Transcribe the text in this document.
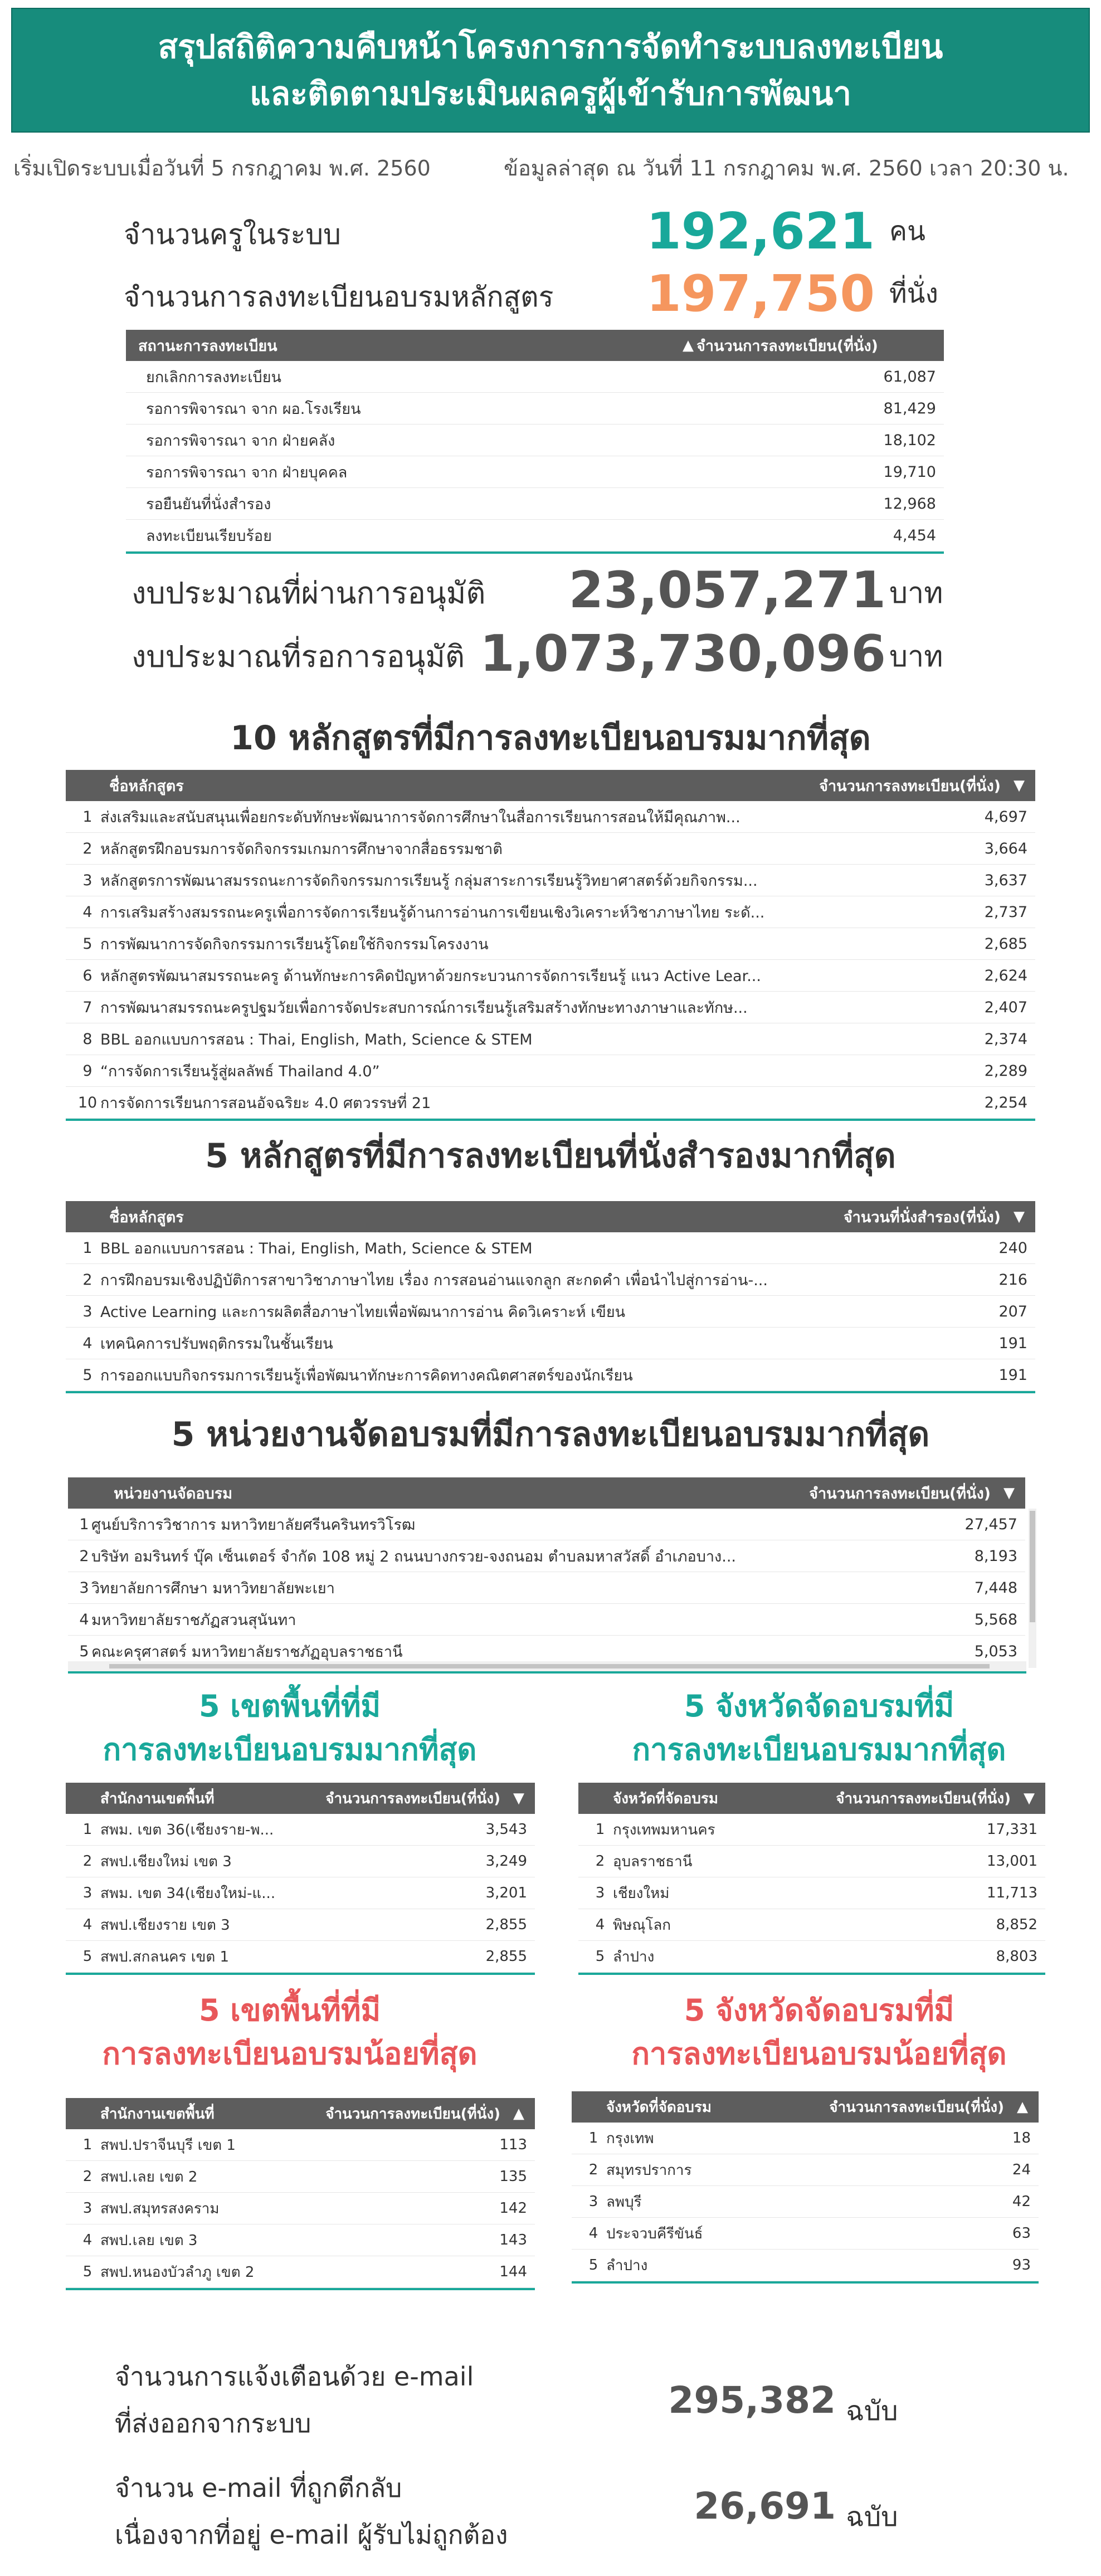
สรุปสถิติความคืบหน้าโครงการการจัดทำระบบลงทะเบียน
และติดตามประเมินผลครูผู้เข้ารับการพัฒนา
เริ่มเปิดระบบเมื่อวันที่ 5 กรกฎาคม พ.ศ. 2560	ข้อมูลล่าสุด ณ วันที่ 11 กรกฎาคม พ.ศ. 2560 เวลา 20:30 น.
จำนวนครูในระบบ	192,621 คน
จำนวนการลงทะเบียนอบรมหลักสูตร	197,750 ที่นั่ง
สถานะการลงทะเบียน	▲ จำนวนการลงทะเบียน(ที่นั่ง)
ยกเลิกการลงทะเบียน	61,087
รอการพิจารณา จาก ผอ.โรงเรียน	81,429
รอการพิจารณา จาก ฝ่ายคลัง	18,102
รอการพิจารณา จาก ฝ่ายบุคคล	19,710
รอยืนยันที่นั่งสำรอง	12,968
ลงทะเบียนเรียบร้อย	4,454
งบประมาณที่ผ่านการอนุมัติ	23,057,271 บาท
งบประมาณที่รอการอนุมัติ 1,073,730,096 บาท
10 หลักสูตรที่มีการลงทะเบียนอบรมมากที่สุด
ชื่อหลักสูตร	จำนวนการลงทะเบียน(ที่นั่ง) ▼
1 ส่งเสริมและสนับสนุนเพื่อยกระดับทักษะพัฒนาการจัดการศึกษาในสื่อการเรียนการสอนให้มีคุณภาพ...	4,697
2 หลักสูตรฝึกอบรมการจัดกิจกรรมเกมการศึกษาจากสื่อธรรมชาติ	3,664
3 หลักสูตรการพัฒนาสมรรถนะการจัดกิจกรรมการเรียนรู้ กลุ่มสาระการเรียนรู้วิทยาศาสตร์ด้วยกิจกรรม...	3,637
4 การเสริมสร้างสมรรถนะครูเพื่อการจัดการเรียนรู้ด้านการอ่านการเขียนเชิงวิเคราะห์วิชาภาษาไทย ระดั...	2,737
5 การพัฒนาการจัดกิจกรรมการเรียนรู้โดยใช้กิจกรรมโครงงาน	2,685
6 หลักสูตรพัฒนาสมรรถนะครู ด้านทักษะการคิดปัญหาด้วยกระบวนการจัดการเรียนรู้ แนว Active Lear...	2,624
7 การพัฒนาสมรรถนะครูปฐมวัยเพื่อการจัดประสบการณ์การเรียนรู้เสริมสร้างทักษะทางภาษาและทักษ...	2,407
8 BBL ออกแบบการสอน : Thai, English, Math, Science & STEM	2,374
9 “การจัดการเรียนรู้สู่ผลลัพธ์ Thailand 4.0”	2,289
10 การจัดการเรียนการสอนอัจฉริยะ 4.0 ศตวรรษที่ 21	2,254
5 หลักสูตรที่มีการลงทะเบียนที่นั่งสำรองมากที่สุด
ชื่อหลักสูตร	จำนวนที่นั่งสำรอง(ที่นั่ง) ▼
1 BBL ออกแบบการสอน : Thai, English, Math, Science & STEM	240
2 การฝึกอบรมเชิงปฏิบัติการสาขาวิชาภาษาไทย เรื่อง การสอนอ่านแจกลูก สะกดคำ เพื่อนำไปสู่การอ่าน-...	216
3 Active Learning และการผลิตสื่อภาษาไทยเพื่อพัฒนาการอ่าน คิดวิเคราะห์ เขียน	207
4 เทคนิคการปรับพฤติกรรมในชั้นเรียน	191
5 การออกแบบกิจกรรมการเรียนรู้เพื่อพัฒนาทักษะการคิดทางคณิตศาสตร์ของนักเรียน	191
5 หน่วยงานจัดอบรมที่มีการลงทะเบียนอบรมมากที่สุด
หน่วยงานจัดอบรม	จำนวนการลงทะเบียน(ที่นั่ง) ▼
1 ศูนย์บริการวิชาการ มหาวิทยาลัยศรีนครินทรวิโรฒ	27,457
2 บริษัท อมรินทร์ บุ๊ค เซ็นเตอร์ จำกัด 108 หมู่ 2 ถนนบางกรวย-จงถนอม ตำบลมหาสวัสดิ์ อำเภอบาง...	8,193
3 วิทยาลัยการศึกษา มหาวิทยาลัยพะเยา	7,448
4 มหาวิทยาลัยราชภัฏสวนสุนันทา	5,568
5 คณะครุศาสตร์ มหาวิทยาลัยราชภัฏอุบลราชธานี	5,053
5 เขตพื้นที่ที่มี
การลงทะเบียนอบรมมากที่สุด
5 จังหวัดจัดอบรมที่มี
การลงทะเบียนอบรมมากที่สุด
สำนักงานเขตพื้นที่	จำนวนการลงทะเบียน(ที่นั่ง) ▼
1 สพม. เขต 36(เชียงราย-พ...	3,543
2 สพป.เชียงใหม่ เขต 3	3,249
3 สพม. เขต 34(เชียงใหม่-แ...	3,201
4 สพป.เชียงราย เขต 3	2,855
5 สพป.สกลนคร เขต 1	2,855
จังหวัดที่จัดอบรม	จำนวนการลงทะเบียน(ที่นั่ง) ▼
1 กรุงเทพมหานคร	17,331
2 อุบลราชธานี	13,001
3 เชียงใหม่	11,713
4 พิษณุโลก	8,852
5 ลำปาง	8,803
5 เขตพื้นที่ที่มี
การลงทะเบียนอบรมน้อยที่สุด
5 จังหวัดจัดอบรมที่มี
การลงทะเบียนอบรมน้อยที่สุด
สำนักงานเขตพื้นที่	จำนวนการลงทะเบียน(ที่นั่ง) ▲
1 สพป.ปราจีนบุรี เขต 1	113
2 สพป.เลย เขต 2	135
3 สพป.สมุทรสงคราม	142
4 สพป.เลย เขต 3	143
5 สพป.หนองบัวลำภู เขต 2	144
จังหวัดที่จัดอบรม	จำนวนการลงทะเบียน(ที่นั่ง) ▲
1 กรุงเทพ	18
2 สมุทรปราการ	24
3 ลพบุรี	42
4 ประจวบคีรีขันธ์	63
5 ลำปาง	93
จำนวนการแจ้งเตือนด้วย e-mail
ที่ส่งออกจากระบบ
295,382 ฉบับ
จำนวน e-mail ที่ถูกตีกลับ
เนื่องจากที่อยู่ e-mail ผู้รับไม่ถูกต้อง
26,691 ฉบับ
